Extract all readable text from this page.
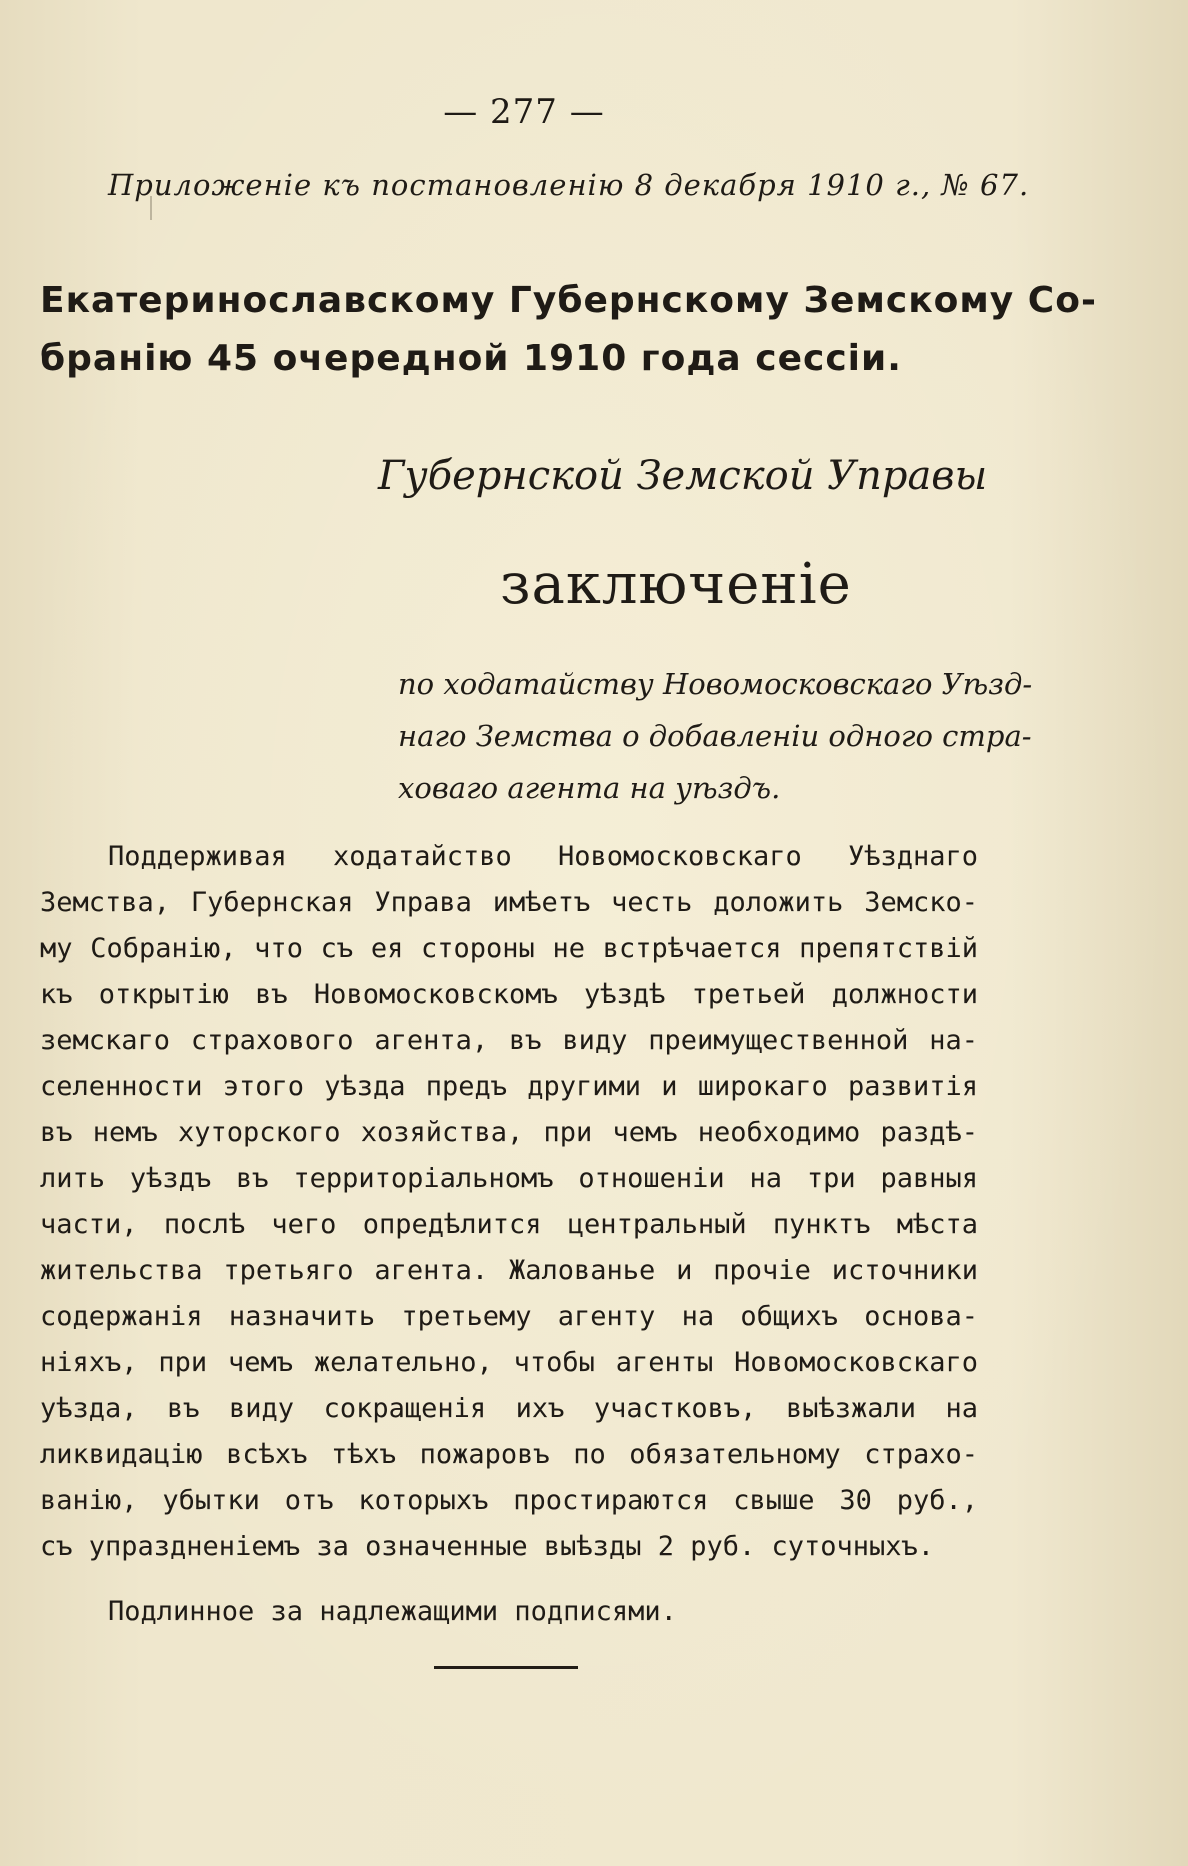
— 277 —
Приложеніе къ постановленію 8 декабря 1910 г., № 67.
Екатеринославскому Губернскому Земскому Со-
бранію 45 очередной 1910 года сессіи.
Губернской Земской Управы
заключеніе
по ходатайству Новомосковскаго Уѣзд-
наго Земства о добавленіи одного стра-
ховаго агента на уѣздъ.
Поддерживая ходатайство Новомосковскаго Уѣзднаго
Земства, Губернская Управа имѣетъ честь доложить Земско-
му Собранію, что съ ея стороны не встрѣчается препятствій
къ открытію въ Новомосковскомъ уѣздѣ третьей должности
земскаго страхового агента, въ виду преимущественной на-
селенности этого уѣзда предъ другими и широкаго развитія
въ немъ хуторского хозяйства, при чемъ необходимо раздѣ-
лить уѣздъ въ территоріальномъ отношеніи на три равныя
части, послѣ чего опредѣлится центральный пунктъ мѣста
жительства третьяго агента. Жалованье и прочіе источники
содержанія назначить третьему агенту на общихъ основа-
ніяхъ, при чемъ желательно, чтобы агенты Новомосковскаго
уѣзда, въ виду сокращенія ихъ участковъ, выѣзжали на
ликвидацію всѣхъ тѣхъ пожаровъ по обязательному страхо-
ванію, убытки отъ которыхъ простираются свыше 30 руб.,
съ упраздненіемъ за означенные выѣзды 2 руб. суточныхъ.
Подлинное за надлежащими подписями.
